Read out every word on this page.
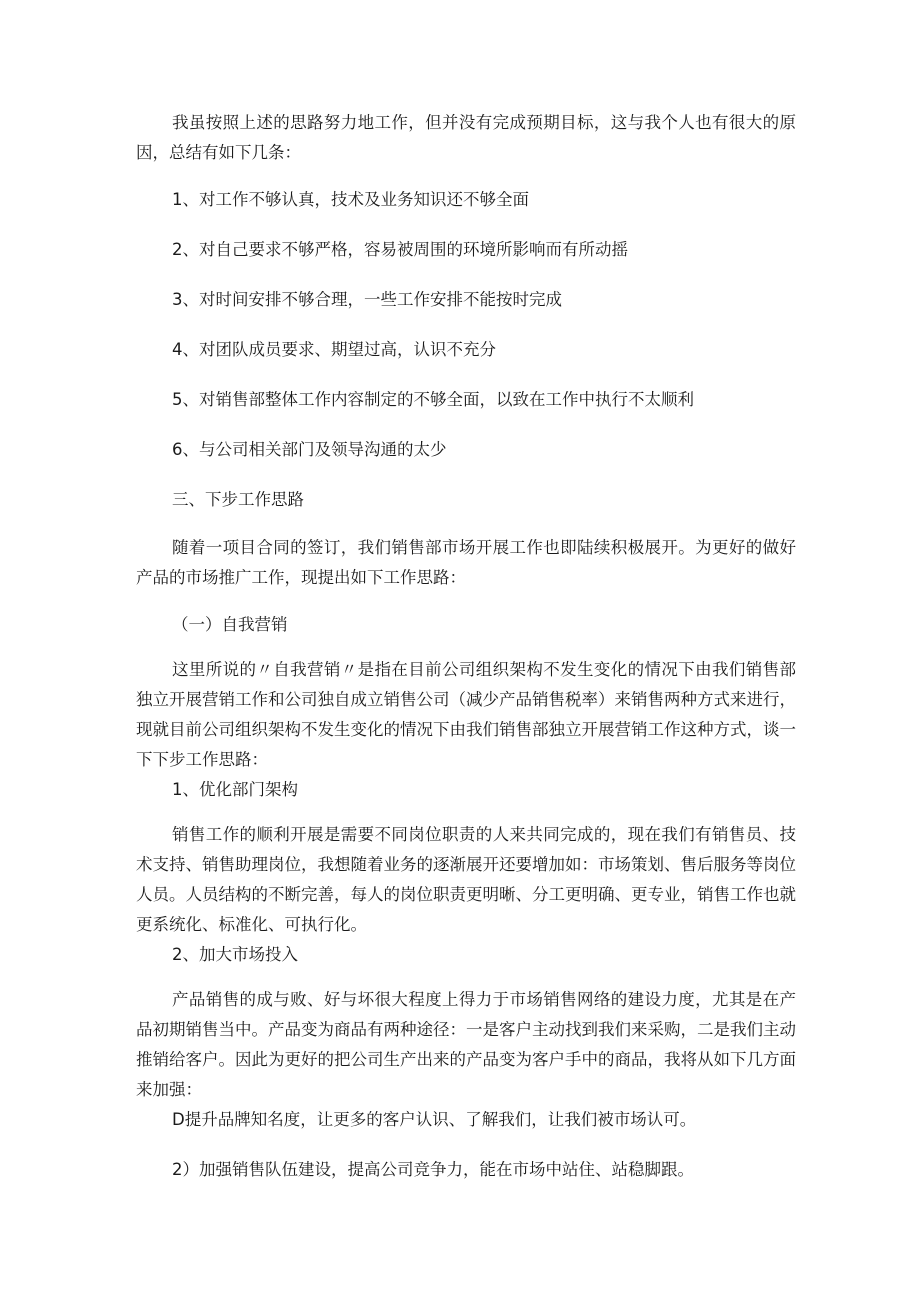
我虽按照上述的思路努力地工作，但并没有完成预期目标，这与我个人也有很大的原因，总结有如下几条：

1、对工作不够认真，技术及业务知识还不够全面

2、对自己要求不够严格，容易被周围的环境所影响而有所动摇

3、对时间安排不够合理，一些工作安排不能按时完成

4、对团队成员要求、期望过高，认识不充分

5、对销售部整体工作内容制定的不够全面，以致在工作中执行不太顺利

6、与公司相关部门及领导沟通的太少

三、下步工作思路

随着一项目合同的签订，我们销售部市场开展工作也即陆续积极展开。为更好的做好产品的市场推广工作，现提出如下工作思路：

（一）自我营销

这里所说的〃自我营销〃是指在目前公司组织架构不发生变化的情况下由我们销售部独立开展营销工作和公司独自成立销售公司（减少产品销售税率）来销售两种方式来进行，现就目前公司组织架构不发生变化的情况下由我们销售部独立开展营销工作这种方式，谈一下下步工作思路：

1、优化部门架构

销售工作的顺利开展是需要不同岗位职责的人来共同完成的，现在我们有销售员、技术支持、销售助理岗位，我想随着业务的逐渐展开还要增加如：市场策划、售后服务等岗位人员。人员结构的不断完善，每人的岗位职责更明晰、分工更明确、更专业，销售工作也就更系统化、标准化、可执行化。

2、加大市场投入

产品销售的成与败、好与坏很大程度上得力于市场销售网络的建设力度，尤其是在产品初期销售当中。产品变为商品有两种途径：一是客户主动找到我们来采购，二是我们主动推销给客户。因此为更好的把公司生产出来的产品变为客户手中的商品，我将从如下几方面来加强：

D提升品牌知名度，让更多的客户认识、了解我们，让我们被市场认可。

2）加强销售队伍建设，提高公司竞争力，能在市场中站住、站稳脚跟。
